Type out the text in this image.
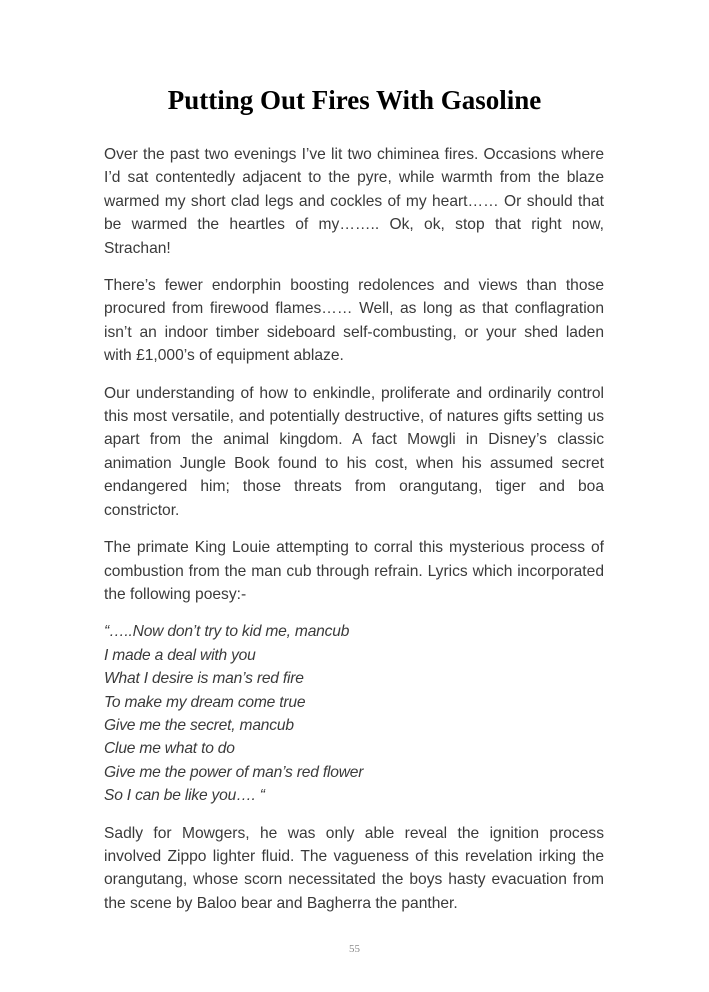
Putting Out Fires With Gasoline

Over the past two evenings I’ve lit two chiminea fires. Occasions where I’d sat contentedly adjacent to the pyre, while warmth from the blaze warmed my short clad legs and cockles of my heart…… Or should that be warmed the heartles of my…….. Ok, ok, stop that right now, Strachan!

There’s fewer endorphin boosting redolences and views than those procured from firewood flames…… Well, as long as that conflagration isn’t an indoor timber sideboard self-combusting, or your shed laden with £1,000’s of equipment ablaze.

Our understanding of how to enkindle, proliferate and ordinarily control this most versatile, and potentially destructive, of natures gifts setting us apart from the animal kingdom. A fact Mowgli in Disney’s classic animation Jungle Book found to his cost, when his assumed secret endangered him; those threats from orangutang, tiger and boa constrictor.

The primate King Louie attempting to corral this mysterious process of combustion from the man cub through refrain. Lyrics which incorporated the following poesy:-

“…..Now don’t try to kid me, mancub
I made a deal with you
What I desire is man’s red fire
To make my dream come true
Give me the secret, mancub
Clue me what to do
Give me the power of man’s red flower
So I can be like you…. “

Sadly for Mowgers, he was only able reveal the ignition process involved Zippo lighter fluid. The vagueness of this revelation irking the orangutang, whose scorn necessitated the boys hasty evacuation from the scene by Baloo bear and Bagherra the panther.

55
